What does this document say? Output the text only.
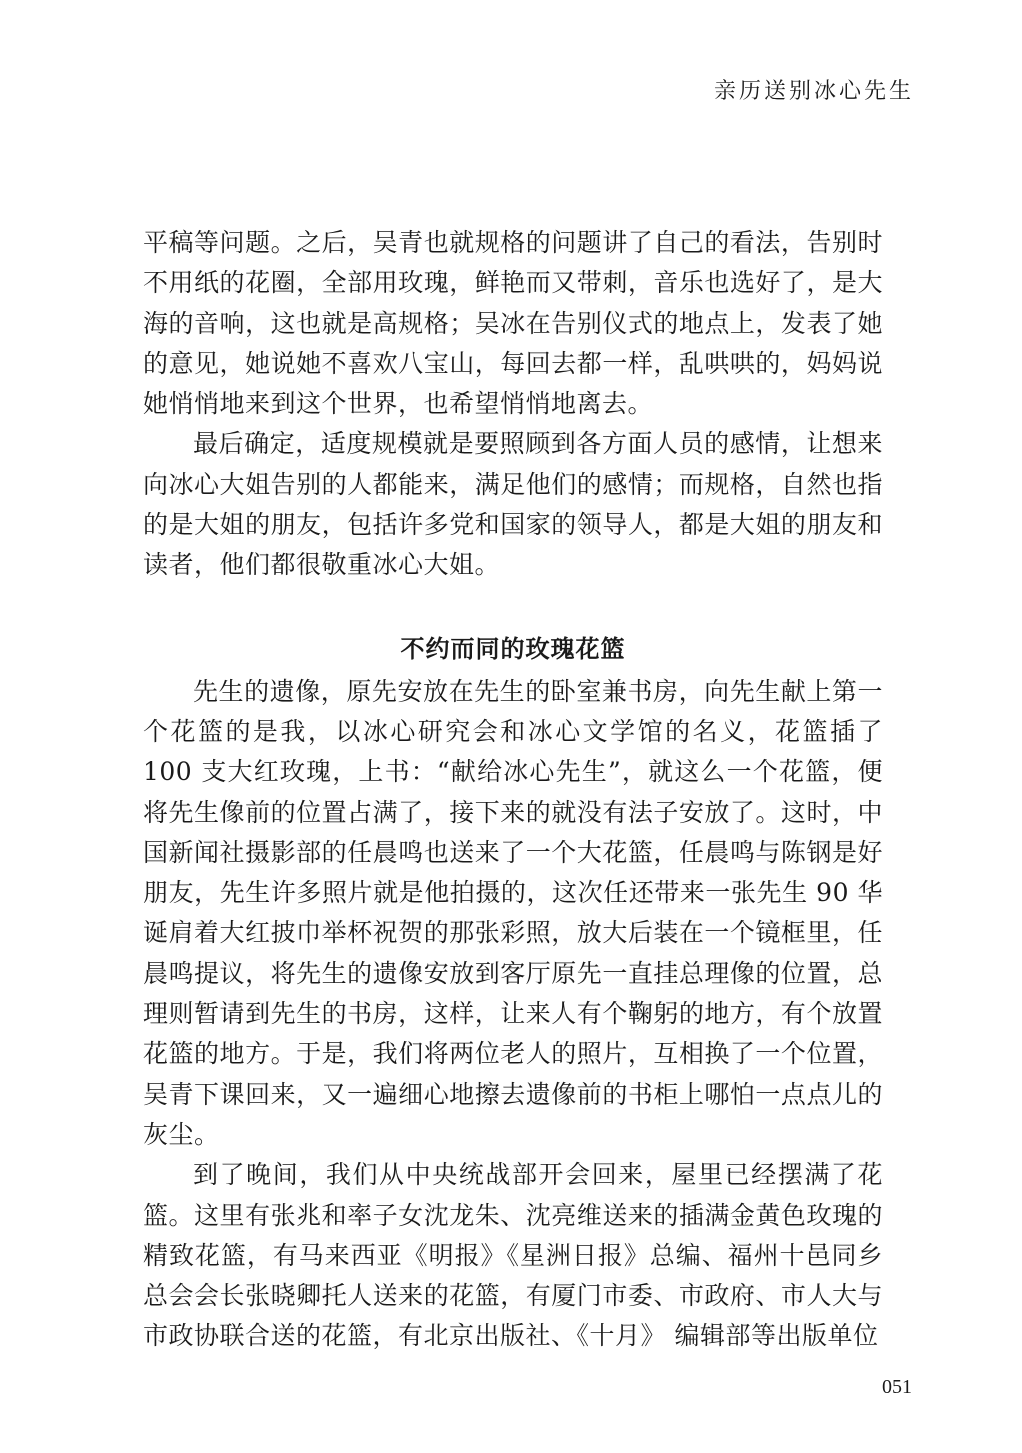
亲历送别冰心先生

平稿等问题。之后，吴青也就规格的问题讲了自己的看法，告别时不用纸的花圈，全部用玫瑰，鲜艳而又带刺，音乐也选好了，是大海的音响，这也就是高规格；吴冰在告别仪式的地点上，发表了她的意见，她说她不喜欢八宝山，每回去都一样，乱哄哄的，妈妈说她悄悄地来到这个世界，也希望悄悄地离去。

最后确定，适度规模就是要照顾到各方面人员的感情，让想来向冰心大姐告别的人都能来，满足他们的感情；而规格，自然也指的是大姐的朋友，包括许多党和国家的领导人，都是大姐的朋友和读者，他们都很敬重冰心大姐。

不约而同的玫瑰花篮

先生的遗像，原先安放在先生的卧室兼书房，向先生献上第一个花篮的是我，以冰心研究会和冰心文学馆的名义，花篮插了 100 支大红玫瑰，上书：“献给冰心先生”，就这么一个花篮，便将先生像前的位置占满了，接下来的就没有法子安放了。这时，中国新闻社摄影部的任晨鸣也送来了一个大花篮，任晨鸣与陈钢是好朋友，先生许多照片就是他拍摄的，这次任还带来一张先生 90 华诞肩着大红披巾举杯祝贺的那张彩照，放大后装在一个镜框里，任晨鸣提议，将先生的遗像安放到客厅原先一直挂总理像的位置，总理则暂请到先生的书房，这样，让来人有个鞠躬的地方，有个放置花篮的地方。于是，我们将两位老人的照片，互相换了一个位置，吴青下课回来，又一遍细心地擦去遗像前的书柜上哪怕一点点儿的灰尘。

到了晚间，我们从中央统战部开会回来，屋里已经摆满了花篮。这里有张兆和率子女沈龙朱、沈亮维送来的插满金黄色玫瑰的精致花篮，有马来西亚《明报》《星洲日报》总编、福州十邑同乡总会会长张晓卿托人送来的花篮，有厦门市委、市政府、市人大与市政协联合送的花篮，有北京出版社、《十月》 编辑部等出版单位

051
